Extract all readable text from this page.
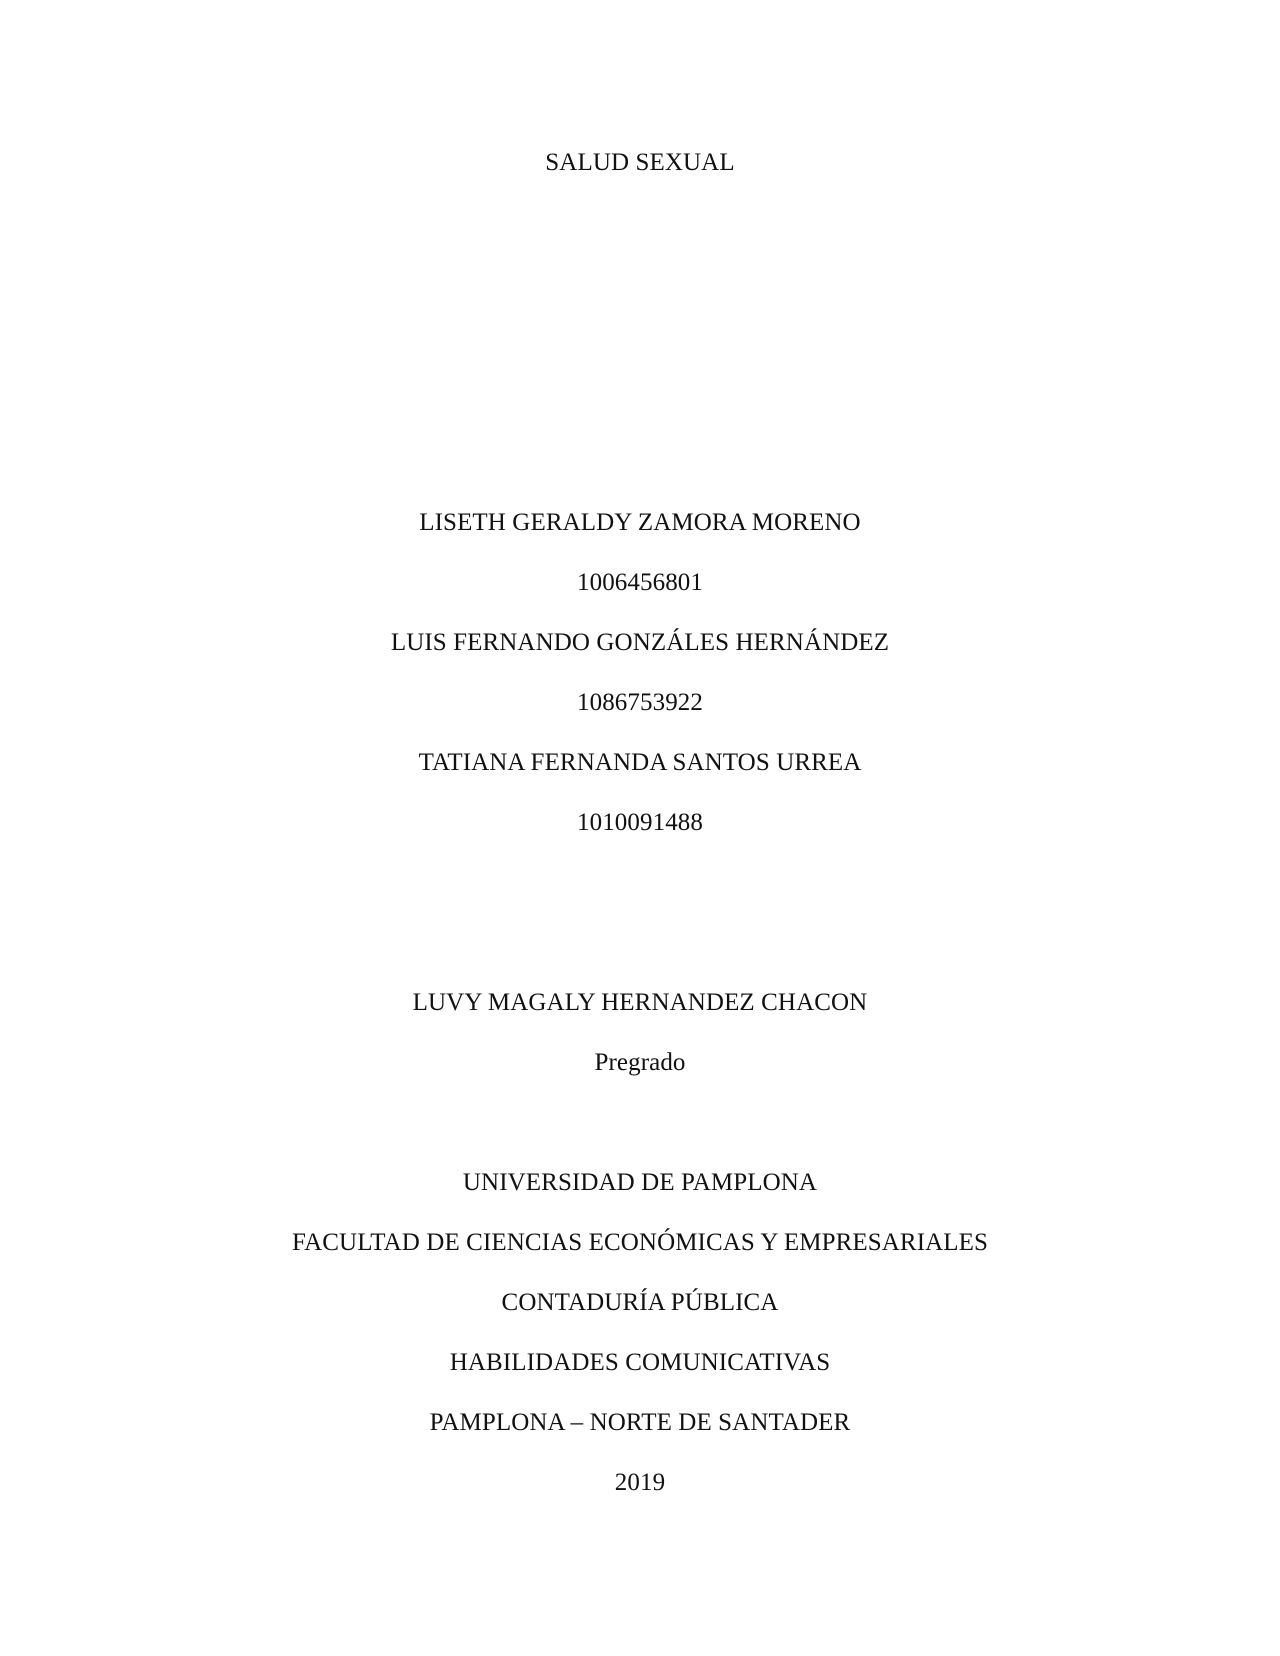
SALUD SEXUAL
LISETH GERALDY ZAMORA MORENO
1006456801
LUIS FERNANDO GONZÁLES HERNÁNDEZ
1086753922
TATIANA FERNANDA SANTOS URREA
1010091488
LUVY MAGALY HERNANDEZ CHACON
Pregrado
UNIVERSIDAD DE PAMPLONA
FACULTAD DE CIENCIAS ECONÓMICAS Y EMPRESARIALES
CONTADURÍA PÚBLICA
HABILIDADES COMUNICATIVAS
PAMPLONA – NORTE DE SANTADER
2019
